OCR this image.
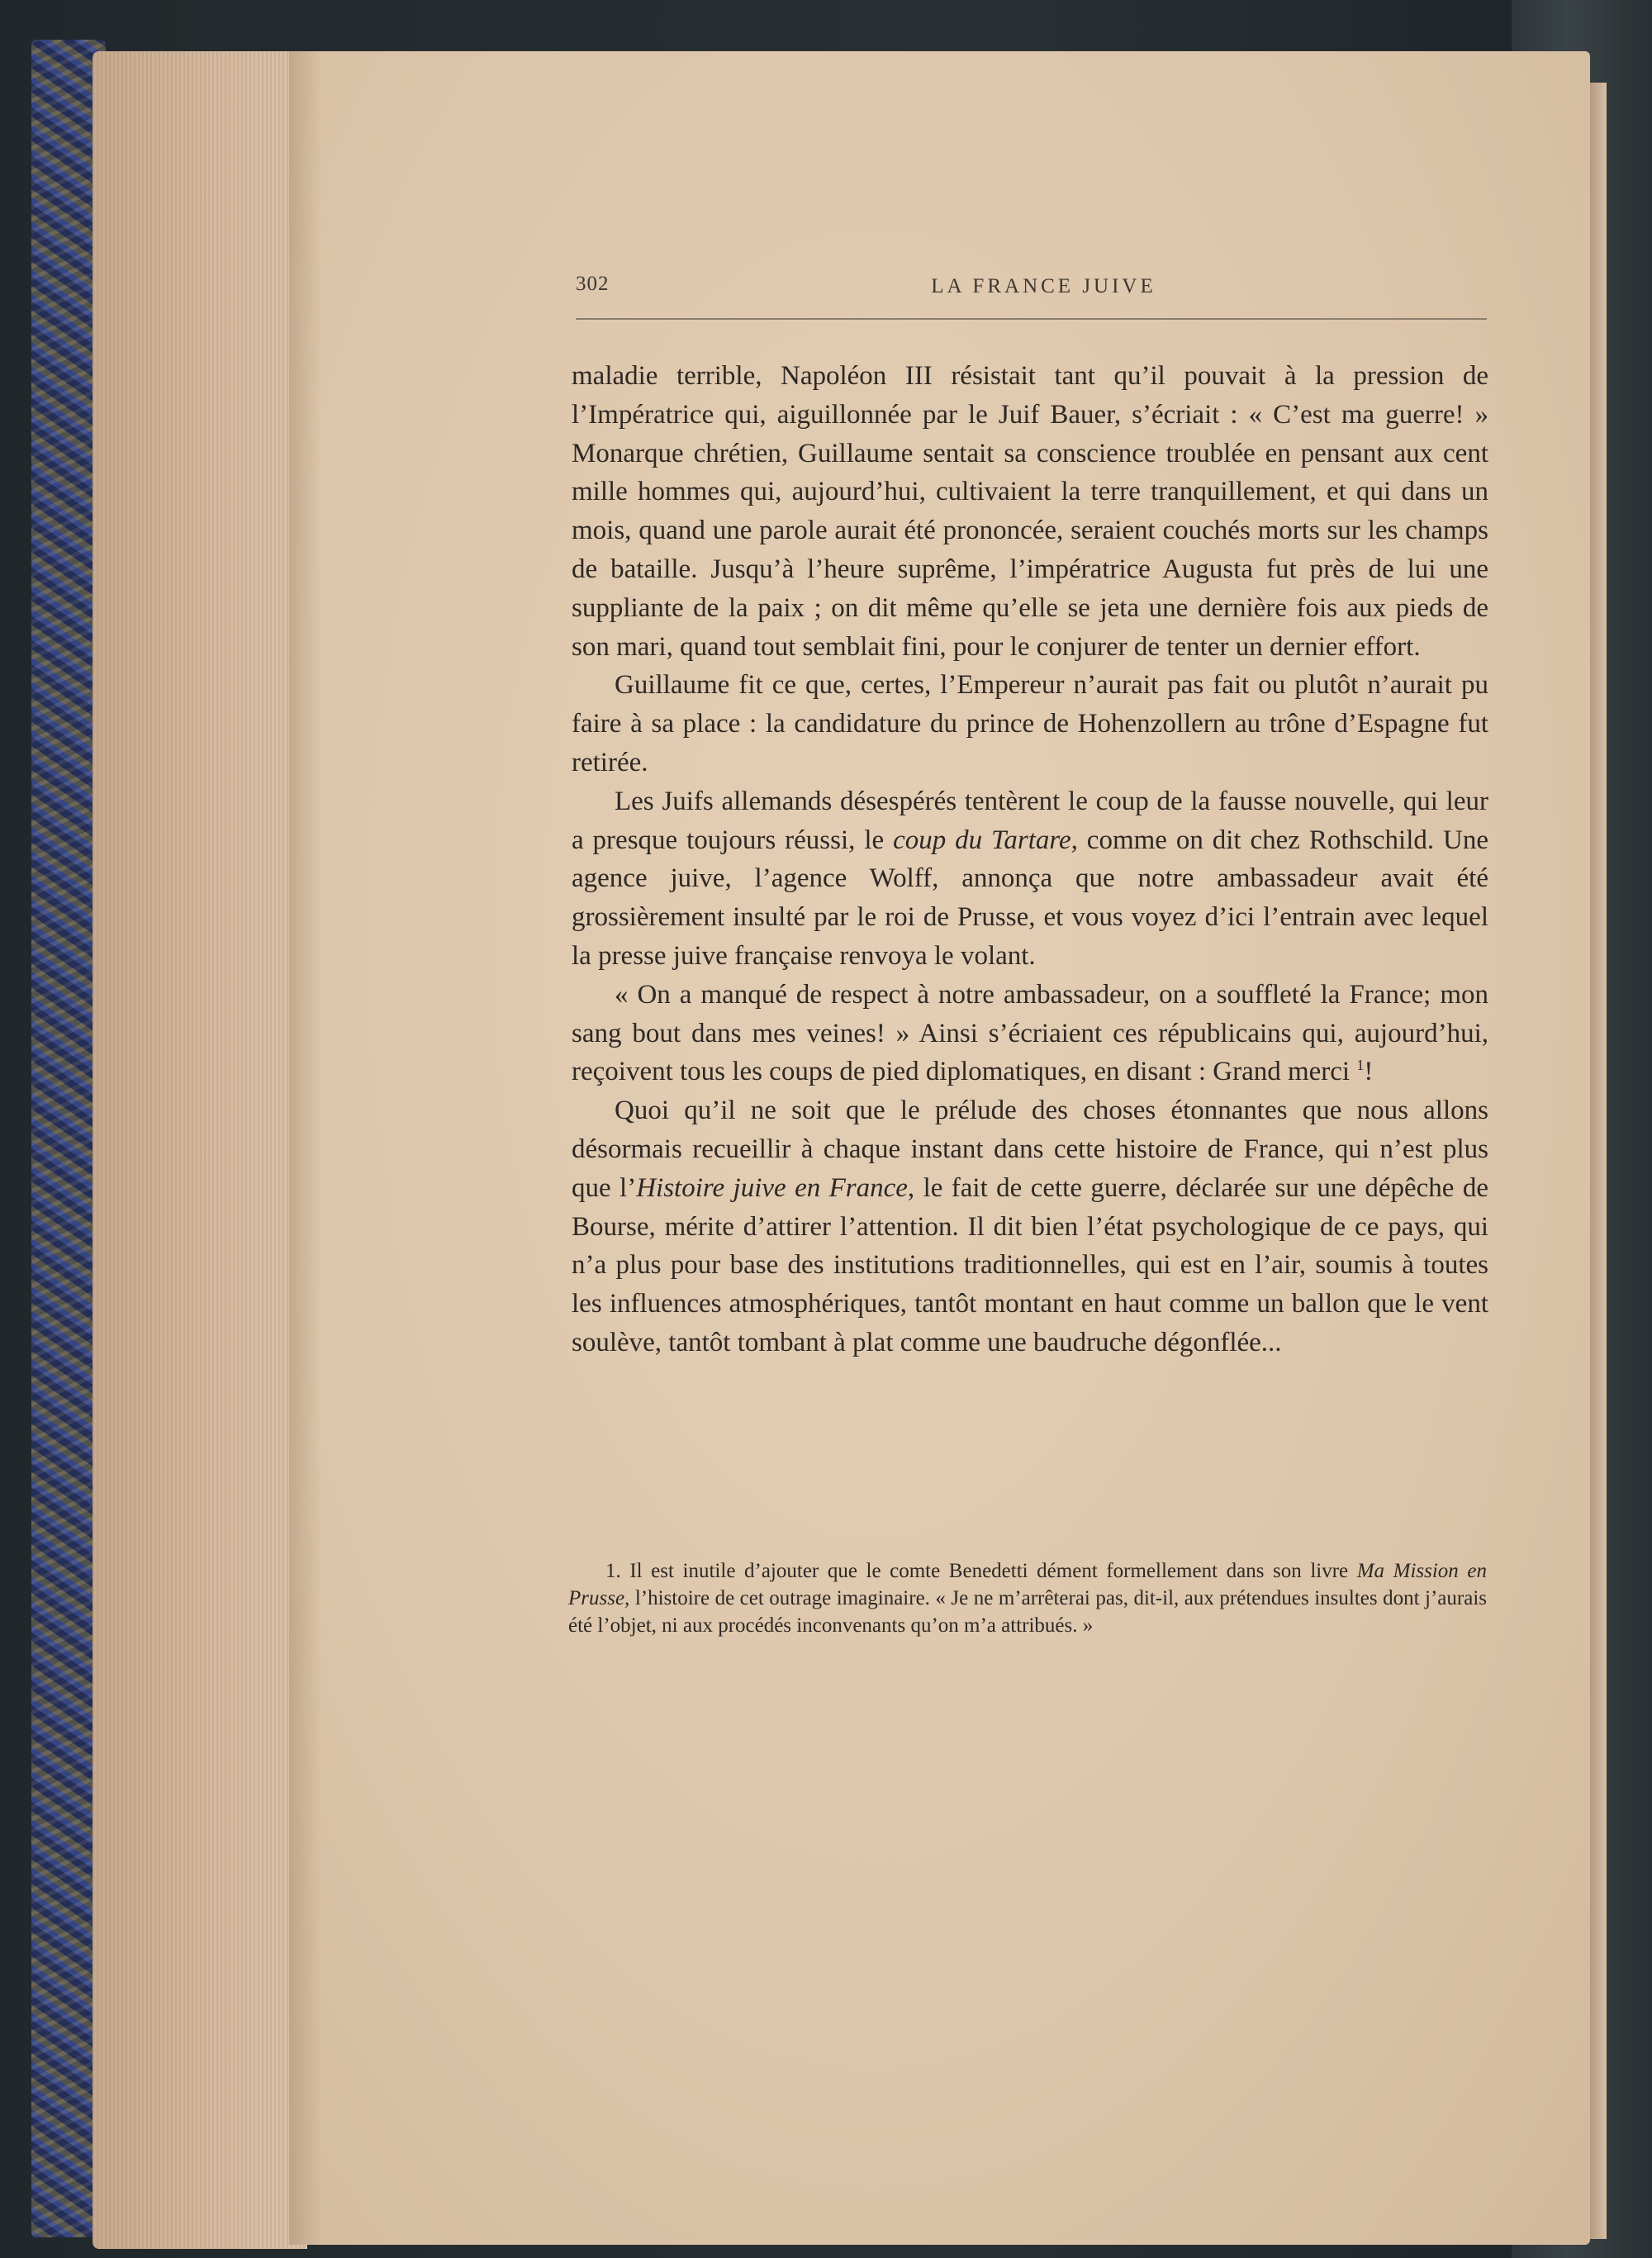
302	LA FRANCE JUIVE

maladie terrible, Napoléon III résistait tant qu’il pouvait à la pression de l’Impératrice qui, aiguillonnée par le Juif Bauer, s’écriait : « C’est ma guerre! » Monarque chrétien, Guillaume sentait sa conscience troublée en pensant aux cent mille hommes qui, aujourd’hui, cultivaient la terre tranquillement, et qui dans un mois, quand une parole aurait été prononcée, seraient couchés morts sur les champs de bataille. Jusqu’à l’heure suprême, l’impératrice Augusta fut près de lui une suppliante de la paix ; on dit même qu’elle se jeta une dernière fois aux pieds de son mari, quand tout semblait fini, pour le conjurer de tenter un dernier effort.

Guillaume fit ce que, certes, l’Empereur n’aurait pas fait ou plutôt n’aurait pu faire à sa place : la candidature du prince de Hohenzollern au trône d’Espagne fut retirée.

Les Juifs allemands désespérés tentèrent le coup de la fausse nouvelle, qui leur a presque toujours réussi, le coup du Tartare, comme on dit chez Rothschild. Une agence juive, l’agence Wolff, annonça que notre ambassadeur avait été grossièrement insulté par le roi de Prusse, et vous voyez d’ici l’entrain avec lequel la presse juive française renvoya le volant.

« On a manqué de respect à notre ambassadeur, on a souffleté la France; mon sang bout dans mes veines! » Ainsi s’écriaient ces républicains qui, aujourd’hui, reçoivent tous les coups de pied diplomatiques, en disant : Grand merci $^1$!

Quoi qu’il ne soit que le prélude des choses étonnantes que nous allons désormais recueillir à chaque instant dans cette histoire de France, qui n’est plus que l’Histoire juive en France, le fait de cette guerre, déclarée sur une dépêche de Bourse, mérite d’attirer l’attention. Il dit bien l’état psychologique de ce pays, qui n’a plus pour base des institutions traditionnelles, qui est en l’air, soumis à toutes les influences atmosphériques, tantôt montant en haut comme un ballon que le vent soulève, tantôt tombant à plat comme une baudruche dégonflée...

1. Il est inutile d’ajouter que le comte Benedetti dément formellement dans son livre Ma Mission en Prusse, l’histoire de cet outrage imaginaire. « Je ne m’arrêterai pas, dit-il, aux prétendues insultes dont j’aurais été l’objet, ni aux procédés inconvenants qu’on m’a attribués. »
